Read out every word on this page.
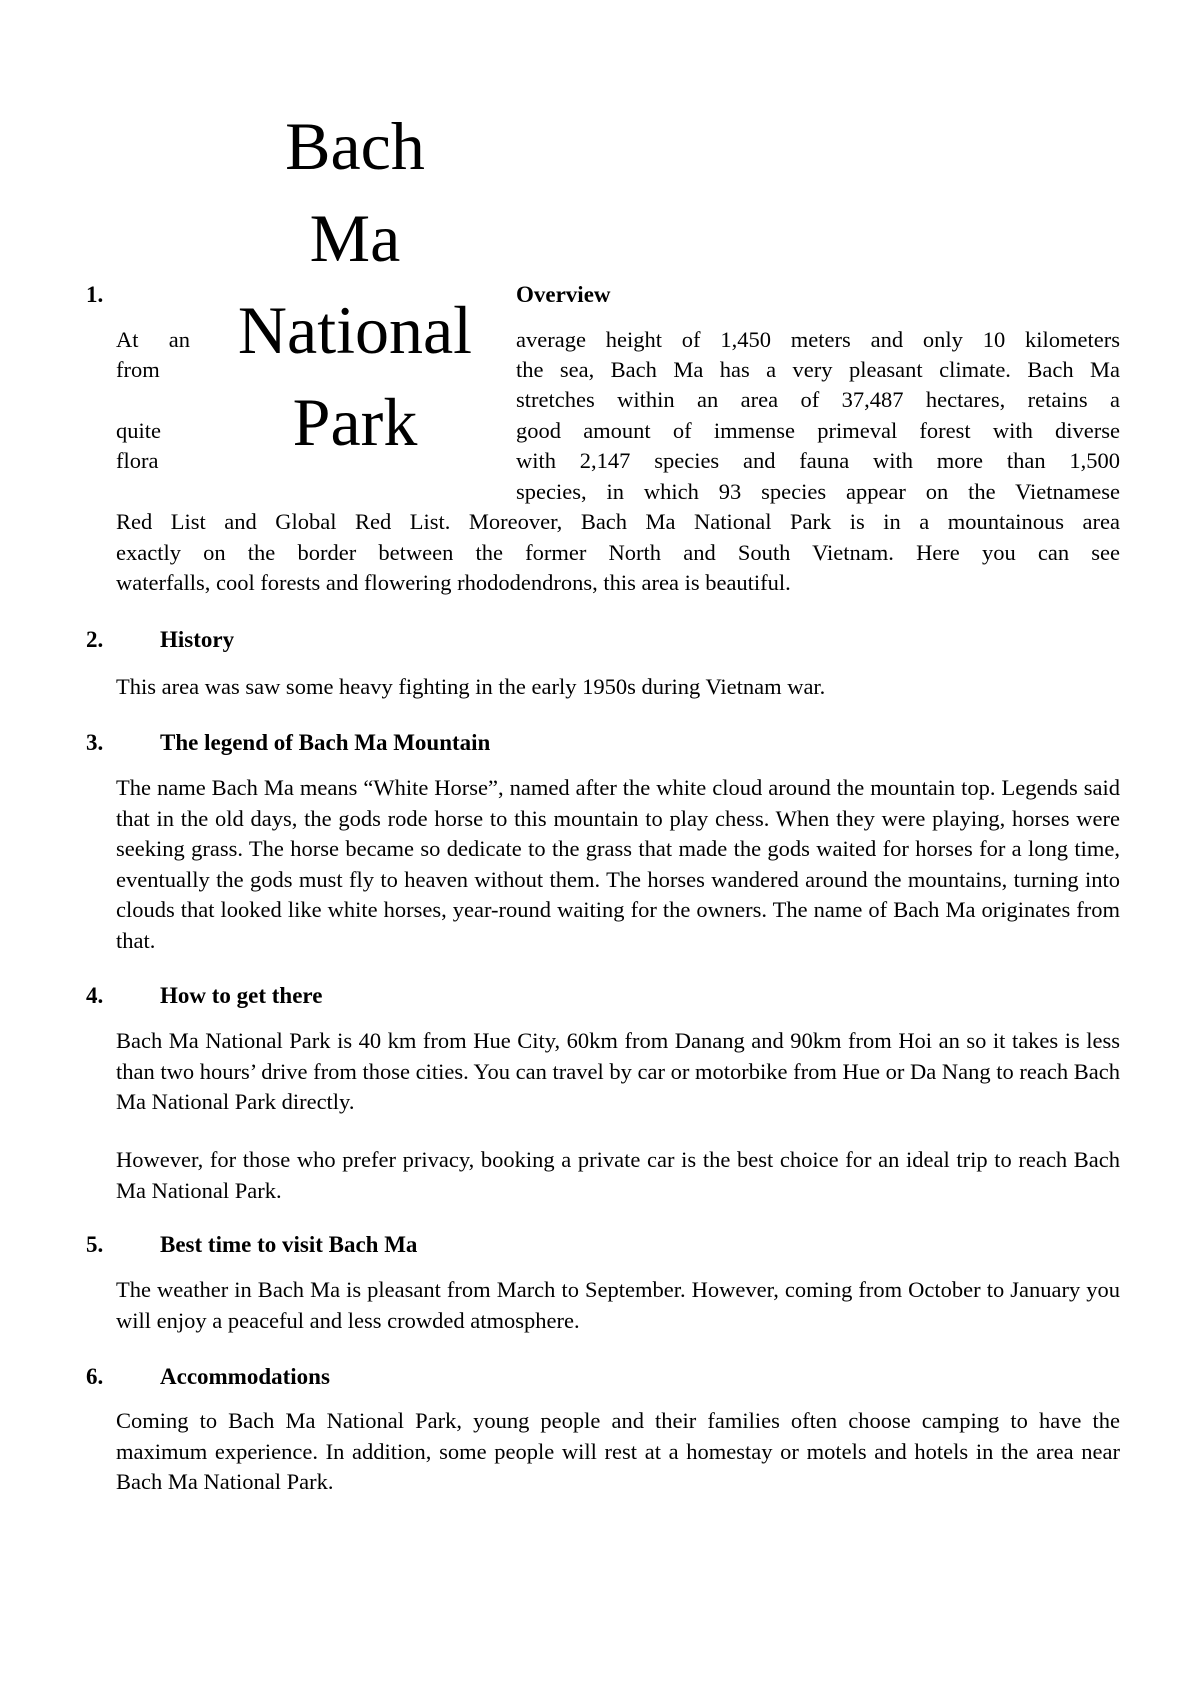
Bach
Ma
National
Park
1.	Overview
At an
from
quite
flora
average height of 1,450 meters and only 10 kilometers
the sea, Bach Ma has a very pleasant climate. Bach Ma
stretches within an area of 37,487 hectares, retains a
good amount of immense primeval forest with diverse
with 2,147 species and fauna with more than 1,500
species, in which 93 species appear on the Vietnamese
Red List and Global Red List. Moreover, Bach Ma National Park is in a mountainous area
exactly on the border between the former North and South Vietnam. Here you can see
waterfalls, cool forests and flowering rhododendrons, this area is beautiful.
2. History
This area was saw some heavy fighting in the early 1950s during Vietnam war.
3. The legend of Bach Ma Mountain
The name Bach Ma means “White Horse”, named after the white cloud around the mountain top. Legends said that in the old days, the gods rode horse to this mountain to play chess. When they were playing, horses were seeking grass. The horse became so dedicate to the grass that made the gods waited for horses for a long time, eventually the gods must fly to heaven without them. The horses wandered around the mountains, turning into clouds that looked like white horses, year-round waiting for the owners. The name of Bach Ma originates from that.
4. How to get there
Bach Ma National Park is 40 km from Hue City, 60km from Danang and 90km from Hoi an so it takes is less than two hours’ drive from those cities. You can travel by car or motorbike from Hue or Da Nang to reach Bach Ma National Park directly.
However, for those who prefer privacy, booking a private car is the best choice for an ideal trip to reach Bach Ma National Park.
5. Best time to visit Bach Ma
The weather in Bach Ma is pleasant from March to September. However, coming from October to January you will enjoy a peaceful and less crowded atmosphere.
6. Accommodations
Coming to Bach Ma National Park, young people and their families often choose camping to have the maximum experience. In addition, some people will rest at a homestay or motels and hotels in the area near Bach Ma National Park.
